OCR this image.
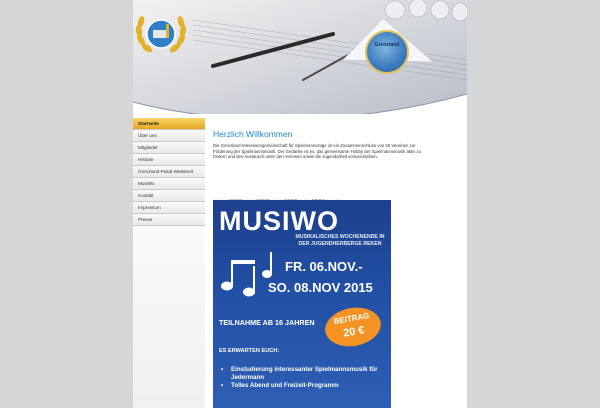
Grenzland
Startseite
Über uns
Mitglieder
Historie
Grenzland-Pokal-Wettstreit
MusiWo
Kontakt
Impressum
Presse
Herzlich Willkommen

Die Grenzland-Interessengemeinschaft für Spielmannszüge ist ein Zusammenschluss von 25 Vereinen zur Förderung der Spielmannsmusik. Der Gedanke ist es, das gemeinsame Hobby der Spielmannsmusik aktiv zu fördern und den Austausch unter den Vereinen sowie die Jugendarbeit voranzutreiben.

MUSIWO
MUSIKALISCHES WOCHENENDE IN DER JUGENDHERBERGE REKEN
FR. 06.NOV.-
SO. 08.NOV 2015
TEILNAHME AB 16 JAHREN	BEITRAG
20 €
ES ERWARTEN EUCH:
• Einstudierung interessanter Spielmannsmusik für Jedermann
• Tolles Abend und Freizeit-Programm
